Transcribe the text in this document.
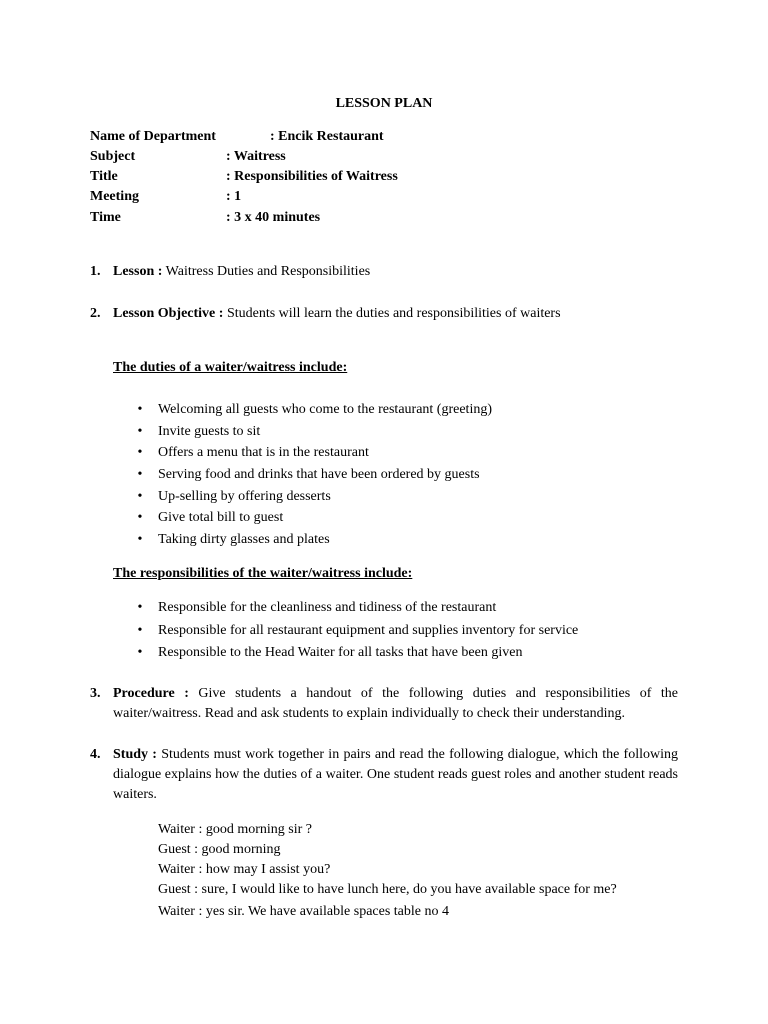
LESSON PLAN
Name of Department	: Encik Restaurant
Subject	: Waitress
Title	: Responsibilities of Waitress
Meeting	: 1
Time	: 3 x 40 minutes
1. Lesson : Waitress Duties and Responsibilities
2. Lesson Objective : Students will learn the duties and responsibilities of waiters
The duties of a waiter/waitress include:
•	Welcoming all guests who come to the restaurant (greeting)
•	Invite guests to sit
•	Offers a menu that is in the restaurant
•	Serving food and drinks that have been ordered by guests
•	Up-selling by offering desserts
•	Give total bill to guest
•	Taking dirty glasses and plates
The responsibilities of the waiter/waitress include:
•	Responsible for the cleanliness and tidiness of the restaurant
•	Responsible for all restaurant equipment and supplies inventory for service
•	Responsible to the Head Waiter for all tasks that have been given
3. Procedure : Give students a handout of the following duties and responsibilities of the waiter/waitress. Read and ask students to explain individually to check their understanding.
4. Study : Students must work together in pairs and read the following dialogue, which the following dialogue explains how the duties of a waiter. One student reads guest roles and another student reads waiters.
Waiter : good morning sir ?
Guest : good morning
Waiter : how may I assist you?
Guest : sure, I would like to have lunch here, do you have available space for me?
Waiter : yes sir. We have available spaces table no 4
